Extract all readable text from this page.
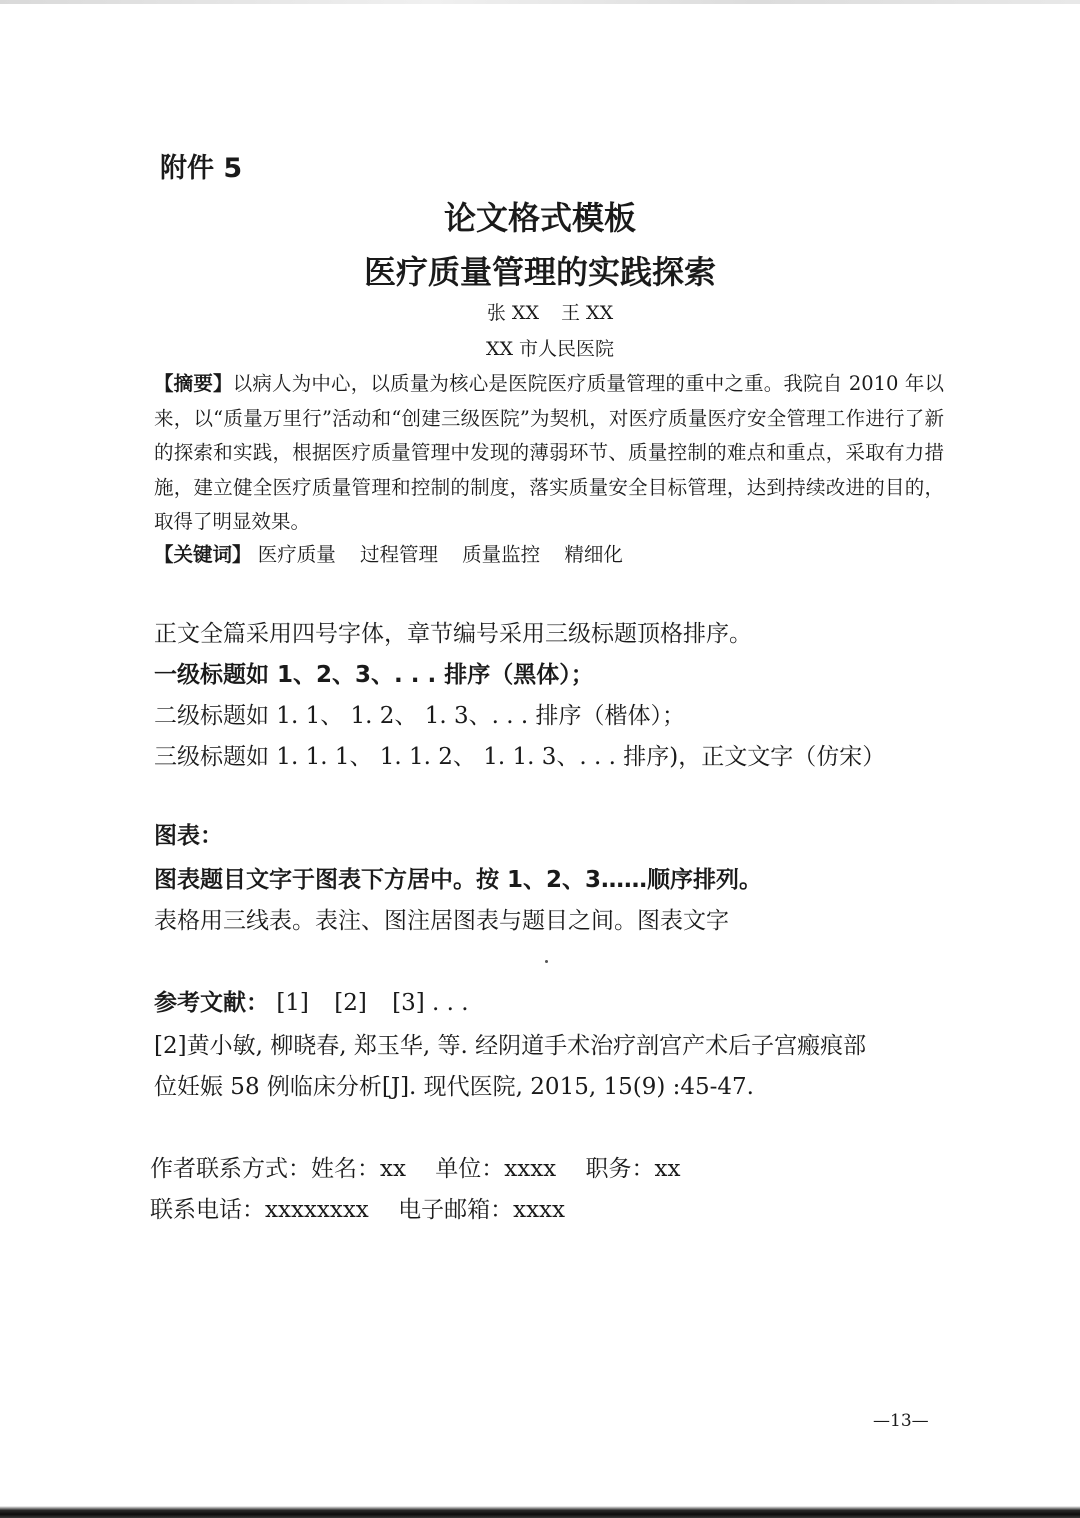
附件 5
论文格式模板
医疗质量管理的实践探索
张 XX 王 XX
XX 市人民医院
【摘要】以病人为中心，以质量为核心是医院医疗质量管理的重中之重。我院自 2010 年以来，以“质量万里行”活动和“创建三级医院”为契机，对医疗质量医疗安全管理工作进行了新的探索和实践，根据医疗质量管理中发现的薄弱环节、质量控制的难点和重点，采取有力措施，建立健全医疗质量管理和控制的制度，落实质量安全目标管理，达到持续改进的目的，取得了明显效果。
【关键词】 医疗质量 过程管理 质量监控 精细化
正文全篇采用四号字体，章节编号采用三级标题顶格排序。
一级标题如 1、2、3、. . . 排序（黑体）；
二级标题如 1. 1、 1. 2、 1. 3、. . . 排序（楷体）；
三级标题如 1. 1. 1、 1. 1. 2、 1. 1. 3、. . . 排序)，正文文字（仿宋）
图表：
图表题目文字于图表下方居中。按 1、2、3……顺序排列。
表格用三线表。表注、图注居图表与题目之间。图表文字
参考文献： [1] [2] [3] . . .
[2]黄小敏, 柳晓春, 郑玉华, 等. 经阴道手术治疗剖宫产术后子宫瘢痕部
位妊娠 58 例临床分析[J]. 现代医院, 2015, 15(9) :45-47.
作者联系方式：姓名：xx 单位：xxxx 职务：xx
联系电话：xxxxxxxx 电子邮箱：xxxx
—13—
